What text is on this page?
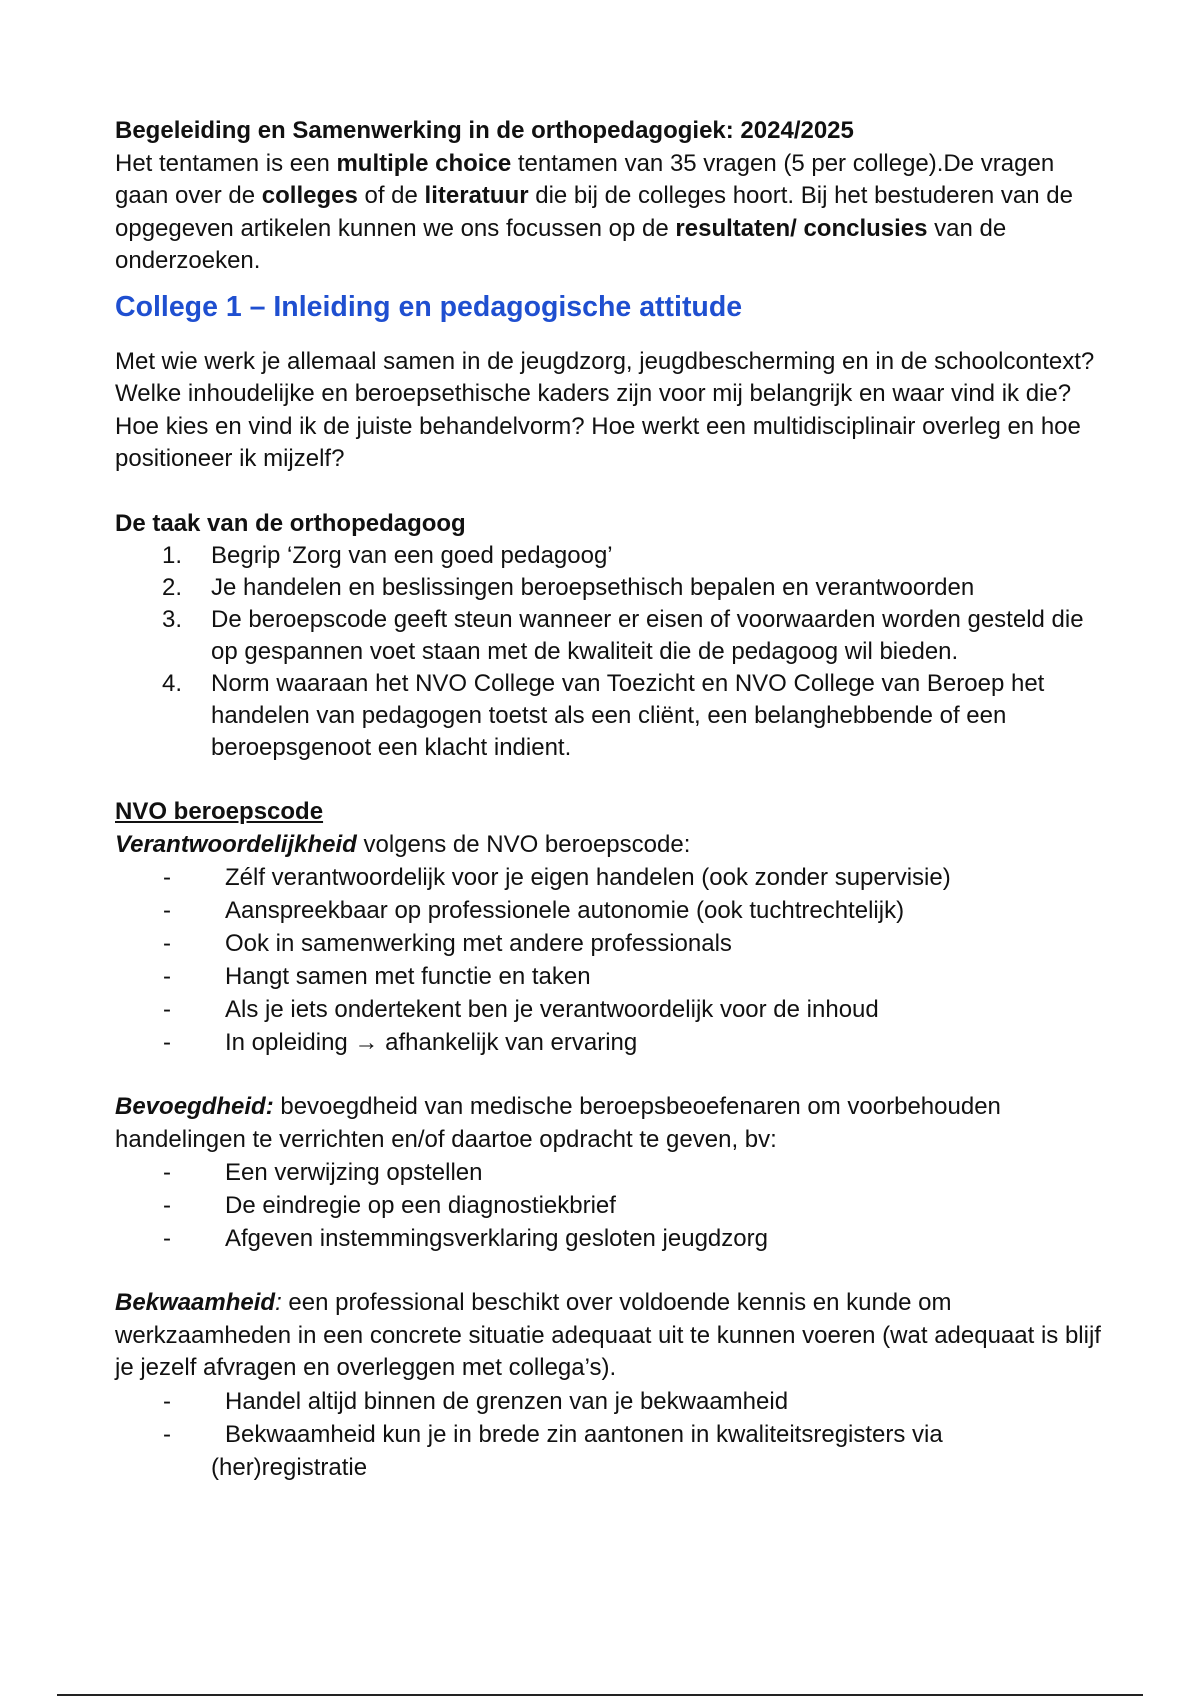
Begeleiding en Samenwerking in de orthopedagogiek: 2024/2025

Het tentamen is een multiple choice tentamen van 35 vragen (5 per college).De vragen gaan over de colleges of de literatuur die bij de colleges hoort. Bij het bestuderen van de opgegeven artikelen kunnen we ons focussen op de resultaten/ conclusies van de onderzoeken.

College 1 – Inleiding en pedagogische attitude

Met wie werk je allemaal samen in de jeugdzorg, jeugdbescherming en in de schoolcontext? Welke inhoudelijke en beroepsethische kaders zijn voor mij belangrijk en waar vind ik die? Hoe kies en vind ik de juiste behandelvorm? Hoe werkt een multidisciplinair overleg en hoe positioneer ik mijzelf?

De taak van de orthopedagoog
1. Begrip ‘Zorg van een goed pedagoog’
2. Je handelen en beslissingen beroepsethisch bepalen en verantwoorden
3. De beroepscode geeft steun wanneer er eisen of voorwaarden worden gesteld die op gespannen voet staan met de kwaliteit die de pedagoog wil bieden.
4. Norm waaraan het NVO College van Toezicht en NVO College van Beroep het handelen van pedagogen toetst als een cliënt, een belanghebbende of een beroepsgenoot een klacht indient.
NVO beroepscode

Verantwoordelijkheid volgens de NVO beroepscode:

- Zélf verantwoordelijk voor je eigen handelen (ook zonder supervisie)
- Aanspreekbaar op professionele autonomie (ook tuchtrechtelijk)
- Ook in samenwerking met andere professionals
- Hangt samen met functie en taken
- Als je iets ondertekent ben je verantwoordelijk voor de inhoud
- In opleiding → afhankelijk van ervaring

Bevoegdheid: bevoegdheid van medische beroepsbeoefenaren om voorbehouden handelingen te verrichten en/of daartoe opdracht te geven, bv:

- Een verwijzing opstellen
- De eindregie op een diagnostiekbrief
- Afgeven instemmingsverklaring gesloten jeugdzorg

Bekwaamheid: een professional beschikt over voldoende kennis en kunde om werkzaamheden in een concrete situatie adequaat uit te kunnen voeren (wat adequaat is blijf je jezelf afvragen en overleggen met collega’s).

- Handel altijd binnen de grenzen van je bekwaamheid
- Bekwaamheid kun je in brede zin aantonen in kwaliteitsregisters via (her)registratie
